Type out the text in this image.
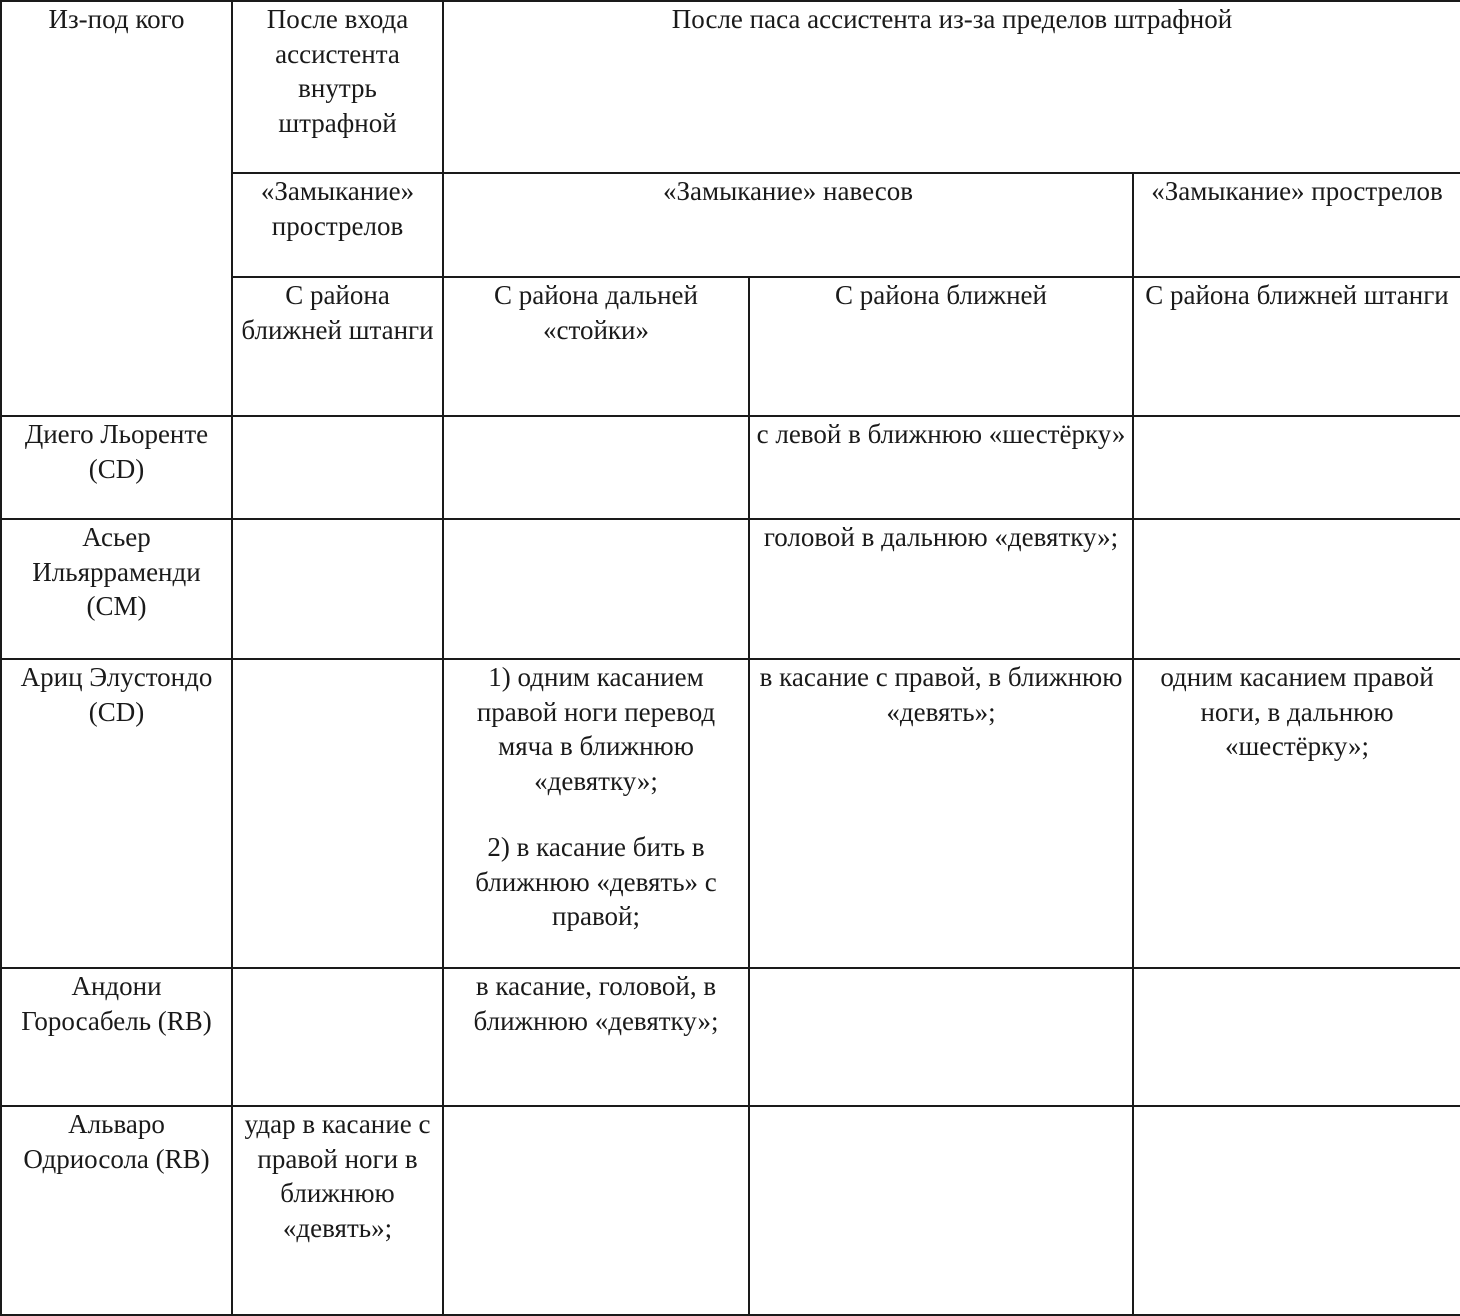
Из-под кого	После входа ассистента внутрь штрафной	После паса ассистента из-за пределов штрафной		

	«Замыкание» прострелов	«Замыкание» навесов		«Замыкание» прострелов

	С района ближней штанги	С района дальней «стойки»	С района ближней	С района ближней штанги

Диего Льоренте (CD)			с левой в ближнюю «шестёрку»	

Асьер Ильярраменди (CM)			головой в дальнюю «девятку»;	

Ариц Элустондо (CD)		1) одним касанием правой ноги перевод мяча в ближнюю «девятку»;
2) в касание бить в ближнюю «девять» с правой;	в касание с правой, в ближнюю «девять»;	одним касанием правой ноги, в дальнюю «шестёрку»;

Андони Горосабель (RB)		в касание, головой, в ближнюю «девятку»;		

Альваро Одриосола (RB)	удар в касание с правой ноги в ближнюю «девять»;			
